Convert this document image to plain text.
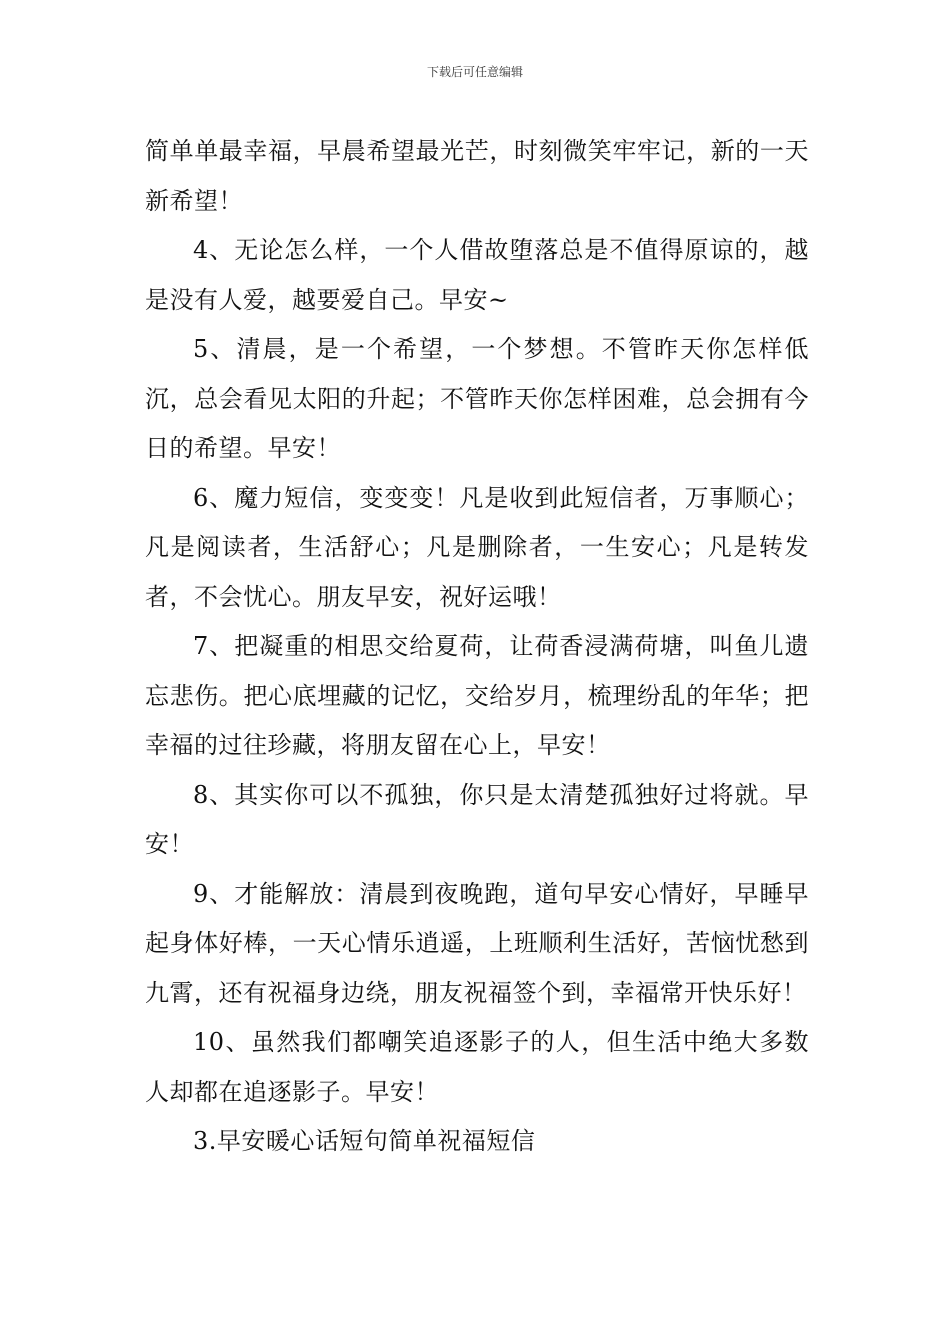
下载后可任意编辑

简单单最幸福，早晨希望最光芒，时刻微笑牢牢记，新的一天新希望！

4、无论怎么样，一个人借故堕落总是不值得原谅的，越是没有人爱，越要爱自己。早安~

5、清晨，是一个希望，一个梦想。不管昨天你怎样低沉，总会看见太阳的升起；不管昨天你怎样困难，总会拥有今日的希望。早安！

6、魔力短信，变变变！凡是收到此短信者，万事顺心；凡是阅读者，生活舒心；凡是删除者，一生安心；凡是转发者，不会忧心。朋友早安，祝好运哦！

7、把凝重的相思交给夏荷，让荷香浸满荷塘，叫鱼儿遗忘悲伤。把心底埋藏的记忆，交给岁月，梳理纷乱的年华；把幸福的过往珍藏，将朋友留在心上，早安！

8、其实你可以不孤独，你只是太清楚孤独好过将就。早安！

9、才能解放：清晨到夜晚跑，道句早安心情好，早睡早起身体好棒，一天心情乐逍遥，上班顺利生活好，苦恼忧愁到九霄，还有祝福身边绕，朋友祝福签个到，幸福常开快乐好！

10、虽然我们都嘲笑追逐影子的人，但生活中绝大多数人却都在追逐影子。早安！

3.早安暖心话短句简单祝福短信
